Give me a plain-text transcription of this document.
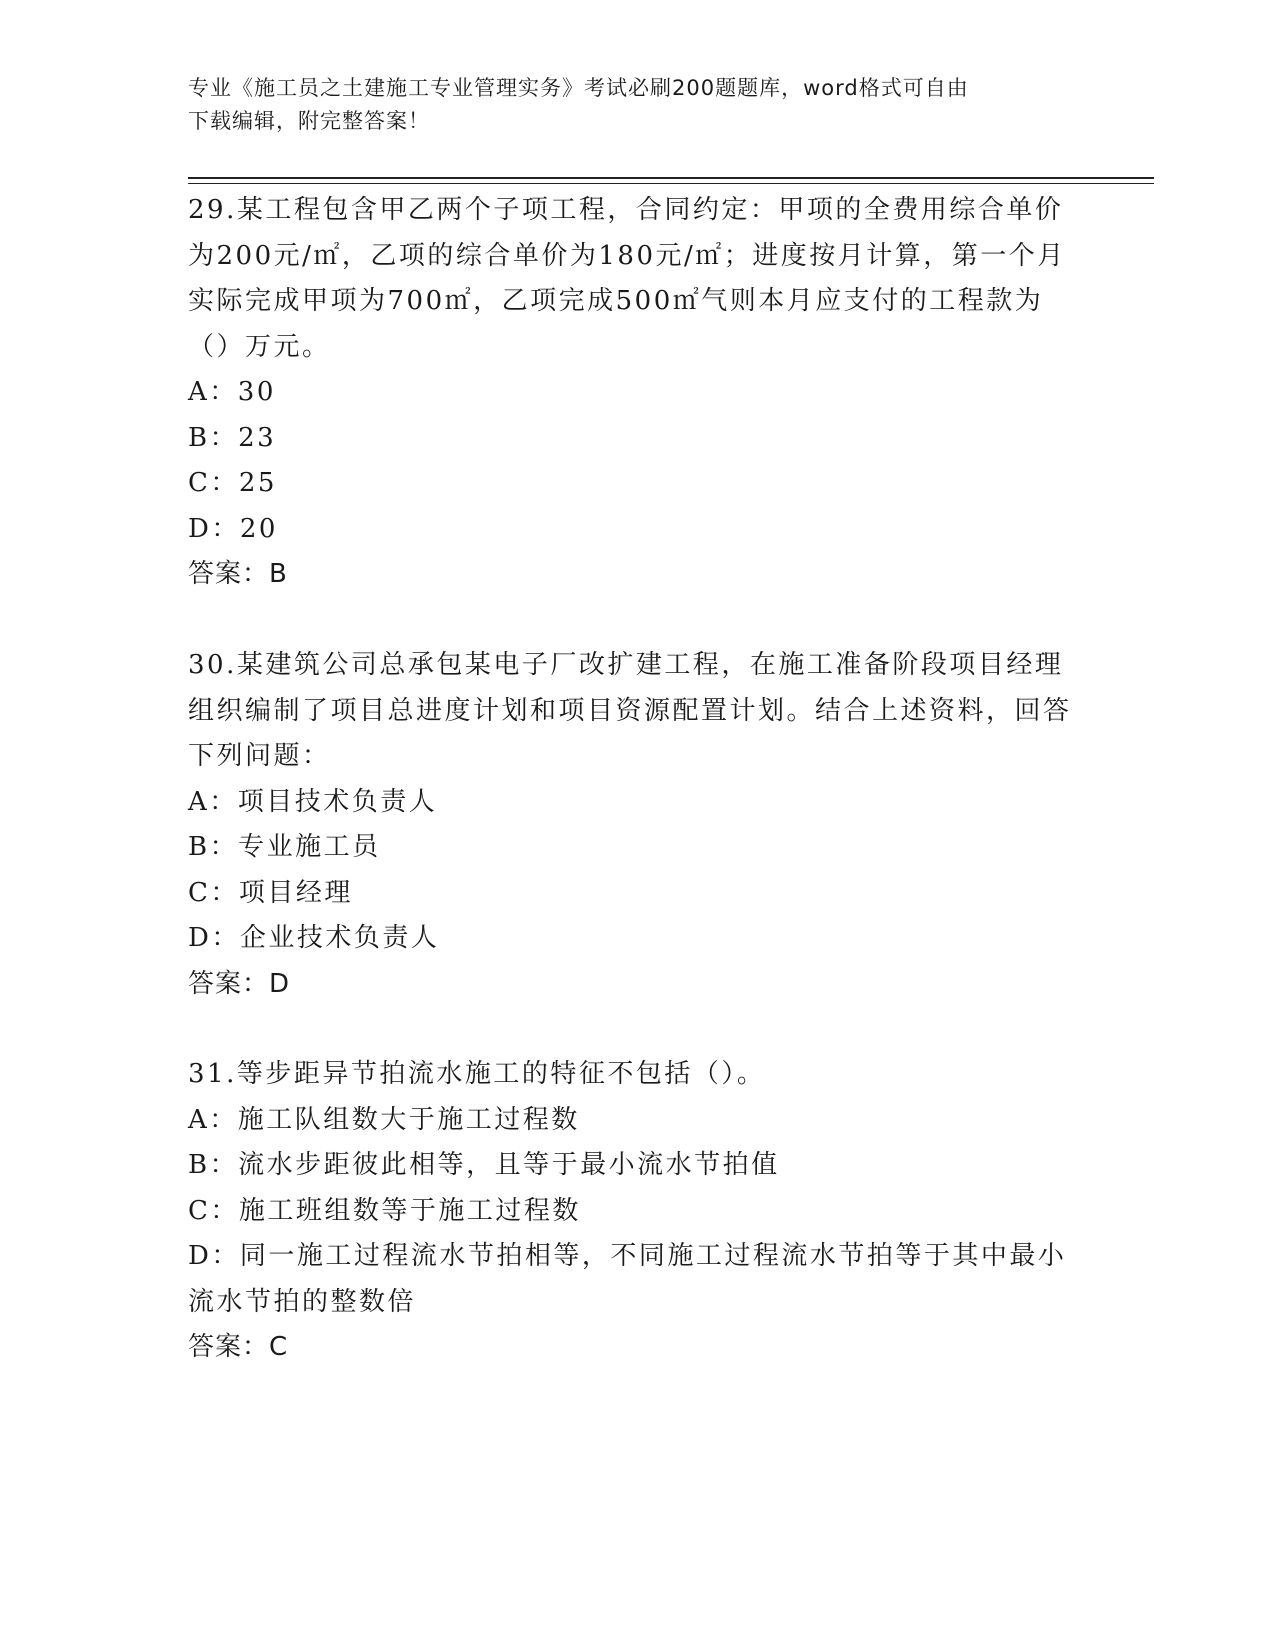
专业《施工员之土建施工专业管理实务》考试必刷200题题库，word格式可自由
下载编辑，附完整答案！

29.某工程包含甲乙两个子项工程，合同约定：甲项的全费用综合单价为200元/㎡，乙项的综合单价为180元/㎡；进度按月计算，第一个月实际完成甲项为700㎡，乙项完成500㎡气则本月应支付的工程款为（）万元。

A：30

B：23

C：25

D：20

答案：B

30.某建筑公司总承包某电子厂改扩建工程，在施工准备阶段项目经理组织编制了项目总进度计划和项目资源配置计划。结合上述资料，回答下列问题：

A：项目技术负责人

B：专业施工员

C：项目经理

D：企业技术负责人

答案：D

31.等步距异节拍流水施工的特征不包括（）。

A：施工队组数大于施工过程数

B：流水步距彼此相等，且等于最小流水节拍值

C：施工班组数等于施工过程数

D：同一施工过程流水节拍相等，不同施工过程流水节拍等于其中最小流水节拍的整数倍

答案：C
